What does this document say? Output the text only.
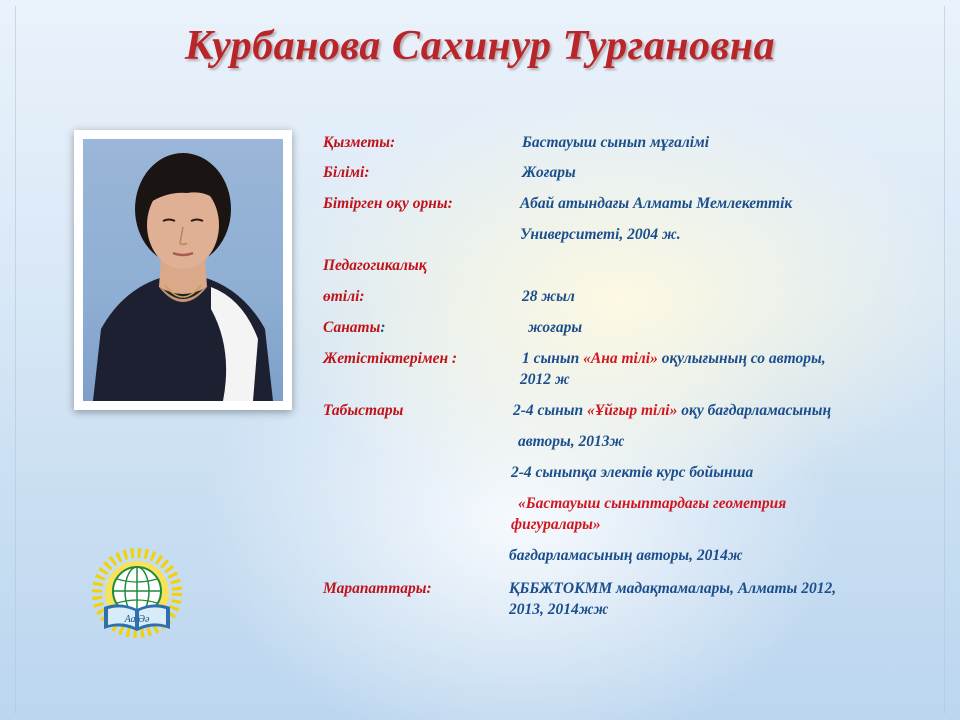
Курбанова Сахинур Тургановна
Аа Әә
Қызметы:	Бастауыш сынып мұғалімі
Білімі:	Жоғары
Бітірген оқу орны:	Абай атындағы Алматы Мемлекеттік
Университеті, 2004 ж.
Педагогикалық
өтілі:	28 жыл
Санаты:	жоғары
Жетістіктерімен :	1 сынып «Ана тілі» оқулығының со авторы,
2012 ж
Табыстары	2-4 сынып «Ұйғыр тілі» оқу бағдарламасының
авторы, 2013ж
2-4 сыныпқа электів курс бойынша
«Бастауыш сыныптардағы геометрия
фигуралары»
бағдарламасының авторы, 2014ж
Марапаттары:	ҚББЖТОКММ мадақтамалары, Алматы 2012,
2013, 2014жж
